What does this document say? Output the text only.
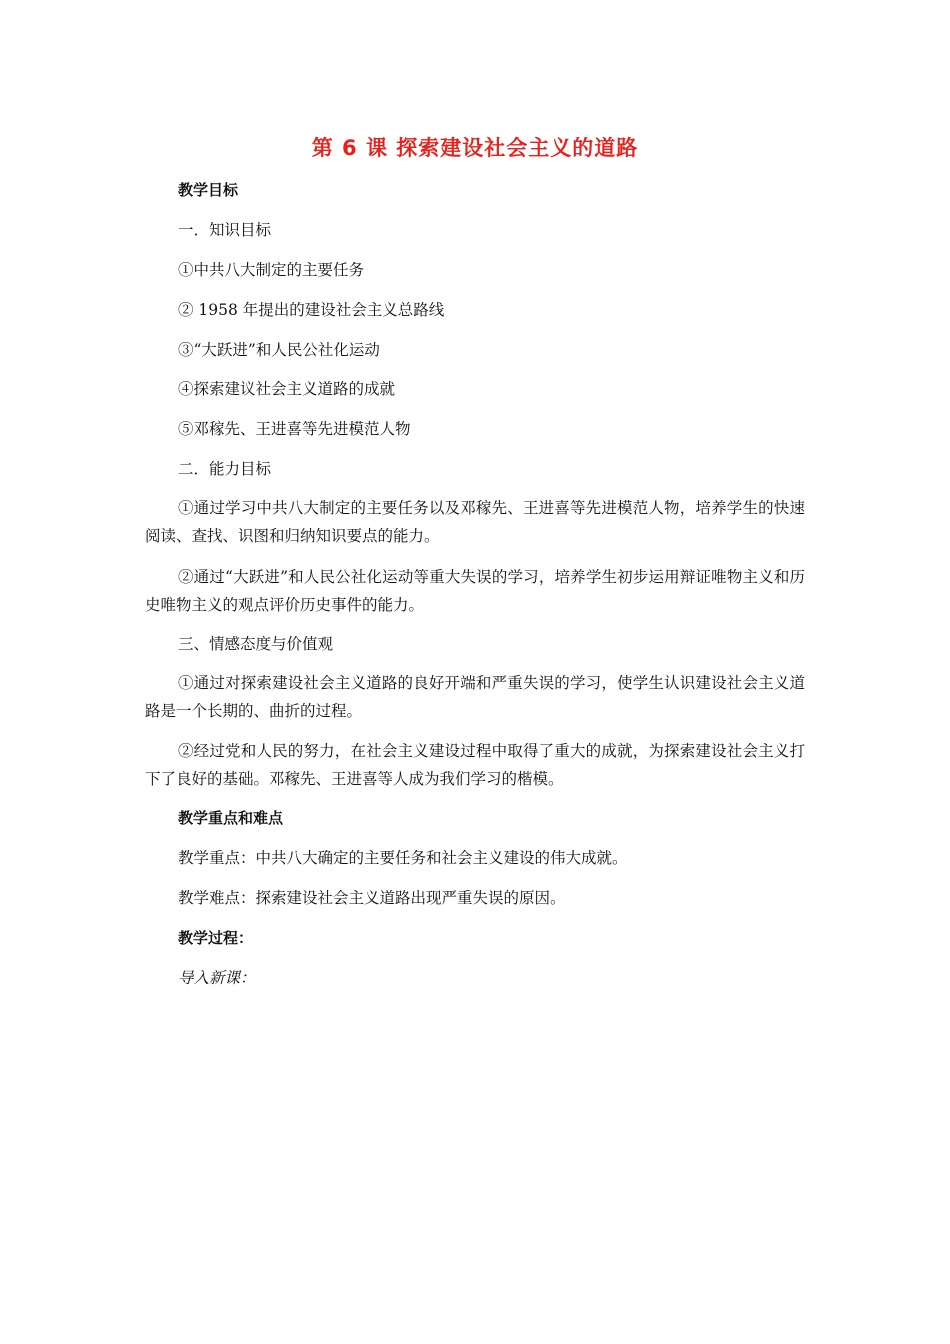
第 6 课 探索建设社会主义的道路
教学目标
一．知识目标
①中共八大制定的主要任务
② 1958 年提出的建设社会主义总路线
③“大跃进”和人民公社化运动
④探索建议社会主义道路的成就
⑤邓稼先、王进喜等先进模范人物
二．能力目标
①通过学习中共八大制定的主要任务以及邓稼先、王进喜等先进模范人物，培养学生的快速阅读、查找、识图和归纳知识要点的能力。
②通过“大跃进”和人民公社化运动等重大失误的学习，培养学生初步运用辩证唯物主义和历史唯物主义的观点评价历史事件的能力。
三、情感态度与价值观
①通过对探索建设社会主义道路的良好开端和严重失误的学习，使学生认识建设社会主义道路是一个长期的、曲折的过程。
②经过党和人民的努力，在社会主义建设过程中取得了重大的成就，为探索建设社会主义打下了良好的基础。邓稼先、王进喜等人成为我们学习的楷模。
教学重点和难点
教学重点：中共八大确定的主要任务和社会主义建设的伟大成就。
教学难点：探索建设社会主义道路出现严重失误的原因。
教学过程：
导入新课：
